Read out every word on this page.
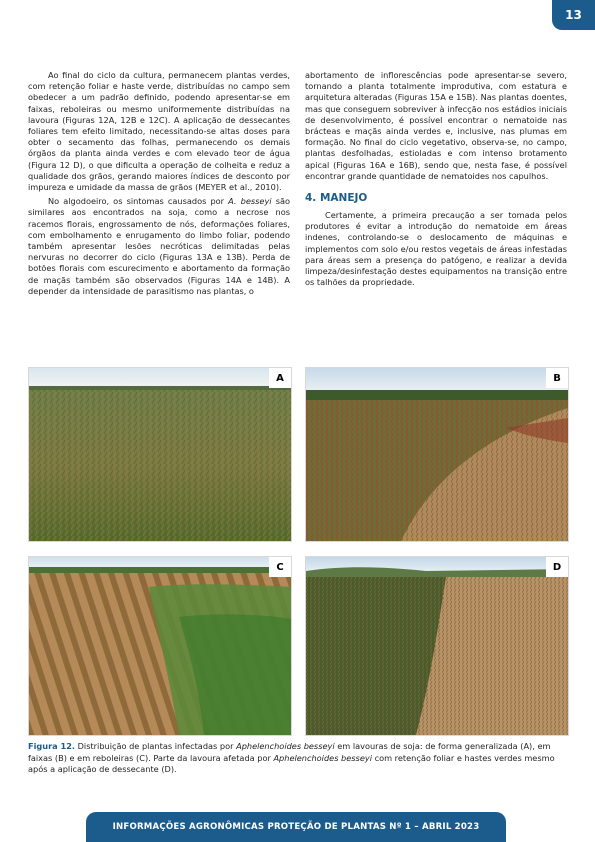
13

Ao final do ciclo da cultura, permanecem plantas verdes, com retenção foliar e haste verde, distribuídas no campo sem obedecer a um padrão definido, podendo apresentar-se em faixas, reboleiras ou mesmo uniformemente distribuídas na lavoura (Figuras 12A, 12B e 12C). A aplicação de dessecantes foliares tem efeito limitado, necessitando-se altas doses para obter o secamento das folhas, permanecendo os demais órgãos da planta ainda verdes e com elevado teor de água (Figura 12 D), o que dificulta a operação de colheita e reduz a qualidade dos grãos, gerando maiores índices de desconto por impureza e umidade da massa de grãos (MEYER et al., 2010).

No algodoeiro, os sintomas causados por A. besseyi são similares aos encontrados na soja, como a necrose nos racemos florais, engrossamento de nós, deformações foliares, com embolhamento e enrugamento do limbo foliar, podendo também apresentar lesões necróticas delimitadas pelas nervuras no decorrer do ciclo (Figuras 13A e 13B). Perda de botões florais com escurecimento e abortamento da formação de maçãs também são observados (Figuras 14A e 14B). A depender da intensidade de parasitismo nas plantas, o

abortamento de inflorescências pode apresentar-se severo, tornando a planta totalmente improdutiva, com estatura e arquitetura alteradas (Figuras 15A e 15B). Nas plantas doentes, mas que conseguem sobreviver à infecção nos estádios iniciais de desenvolvimento, é possível encontrar o nematoide nas brácteas e maçãs ainda verdes e, inclusive, nas plumas em formação. No final do ciclo vegetativo, observa-se, no campo, plantas desfolhadas, estioladas e com intenso brotamento apical (Figuras 16A e 16B), sendo que, nesta fase, é possível encontrar grande quantidade de nematoides nos capulhos.

4. MANEJO

Certamente, a primeira precaução a ser tomada pelos produtores é evitar a introdução do nematoide em áreas indenes, controlando-se o deslocamento de máquinas e implementos com solo e/ou restos vegetais de áreas infestadas para áreas sem a presença do patógeno, e realizar a devida limpeza/desinfestação destes equipamentos na transição entre os talhões da propriedade.

A	B
C	D
Figura 12. Distribuição de plantas infectadas por Aphelenchoides besseyi em lavouras de soja: de forma generalizada (A), em faixas (B) e em reboleiras (C). Parte da lavoura afetada por Aphelenchoides besseyi com retenção foliar e hastes verdes mesmo após a aplicação de dessecante (D).
INFORMAÇÕES AGRONÔMICAS PROTEÇÃO DE PLANTAS Nº 1 – ABRIL 2023
